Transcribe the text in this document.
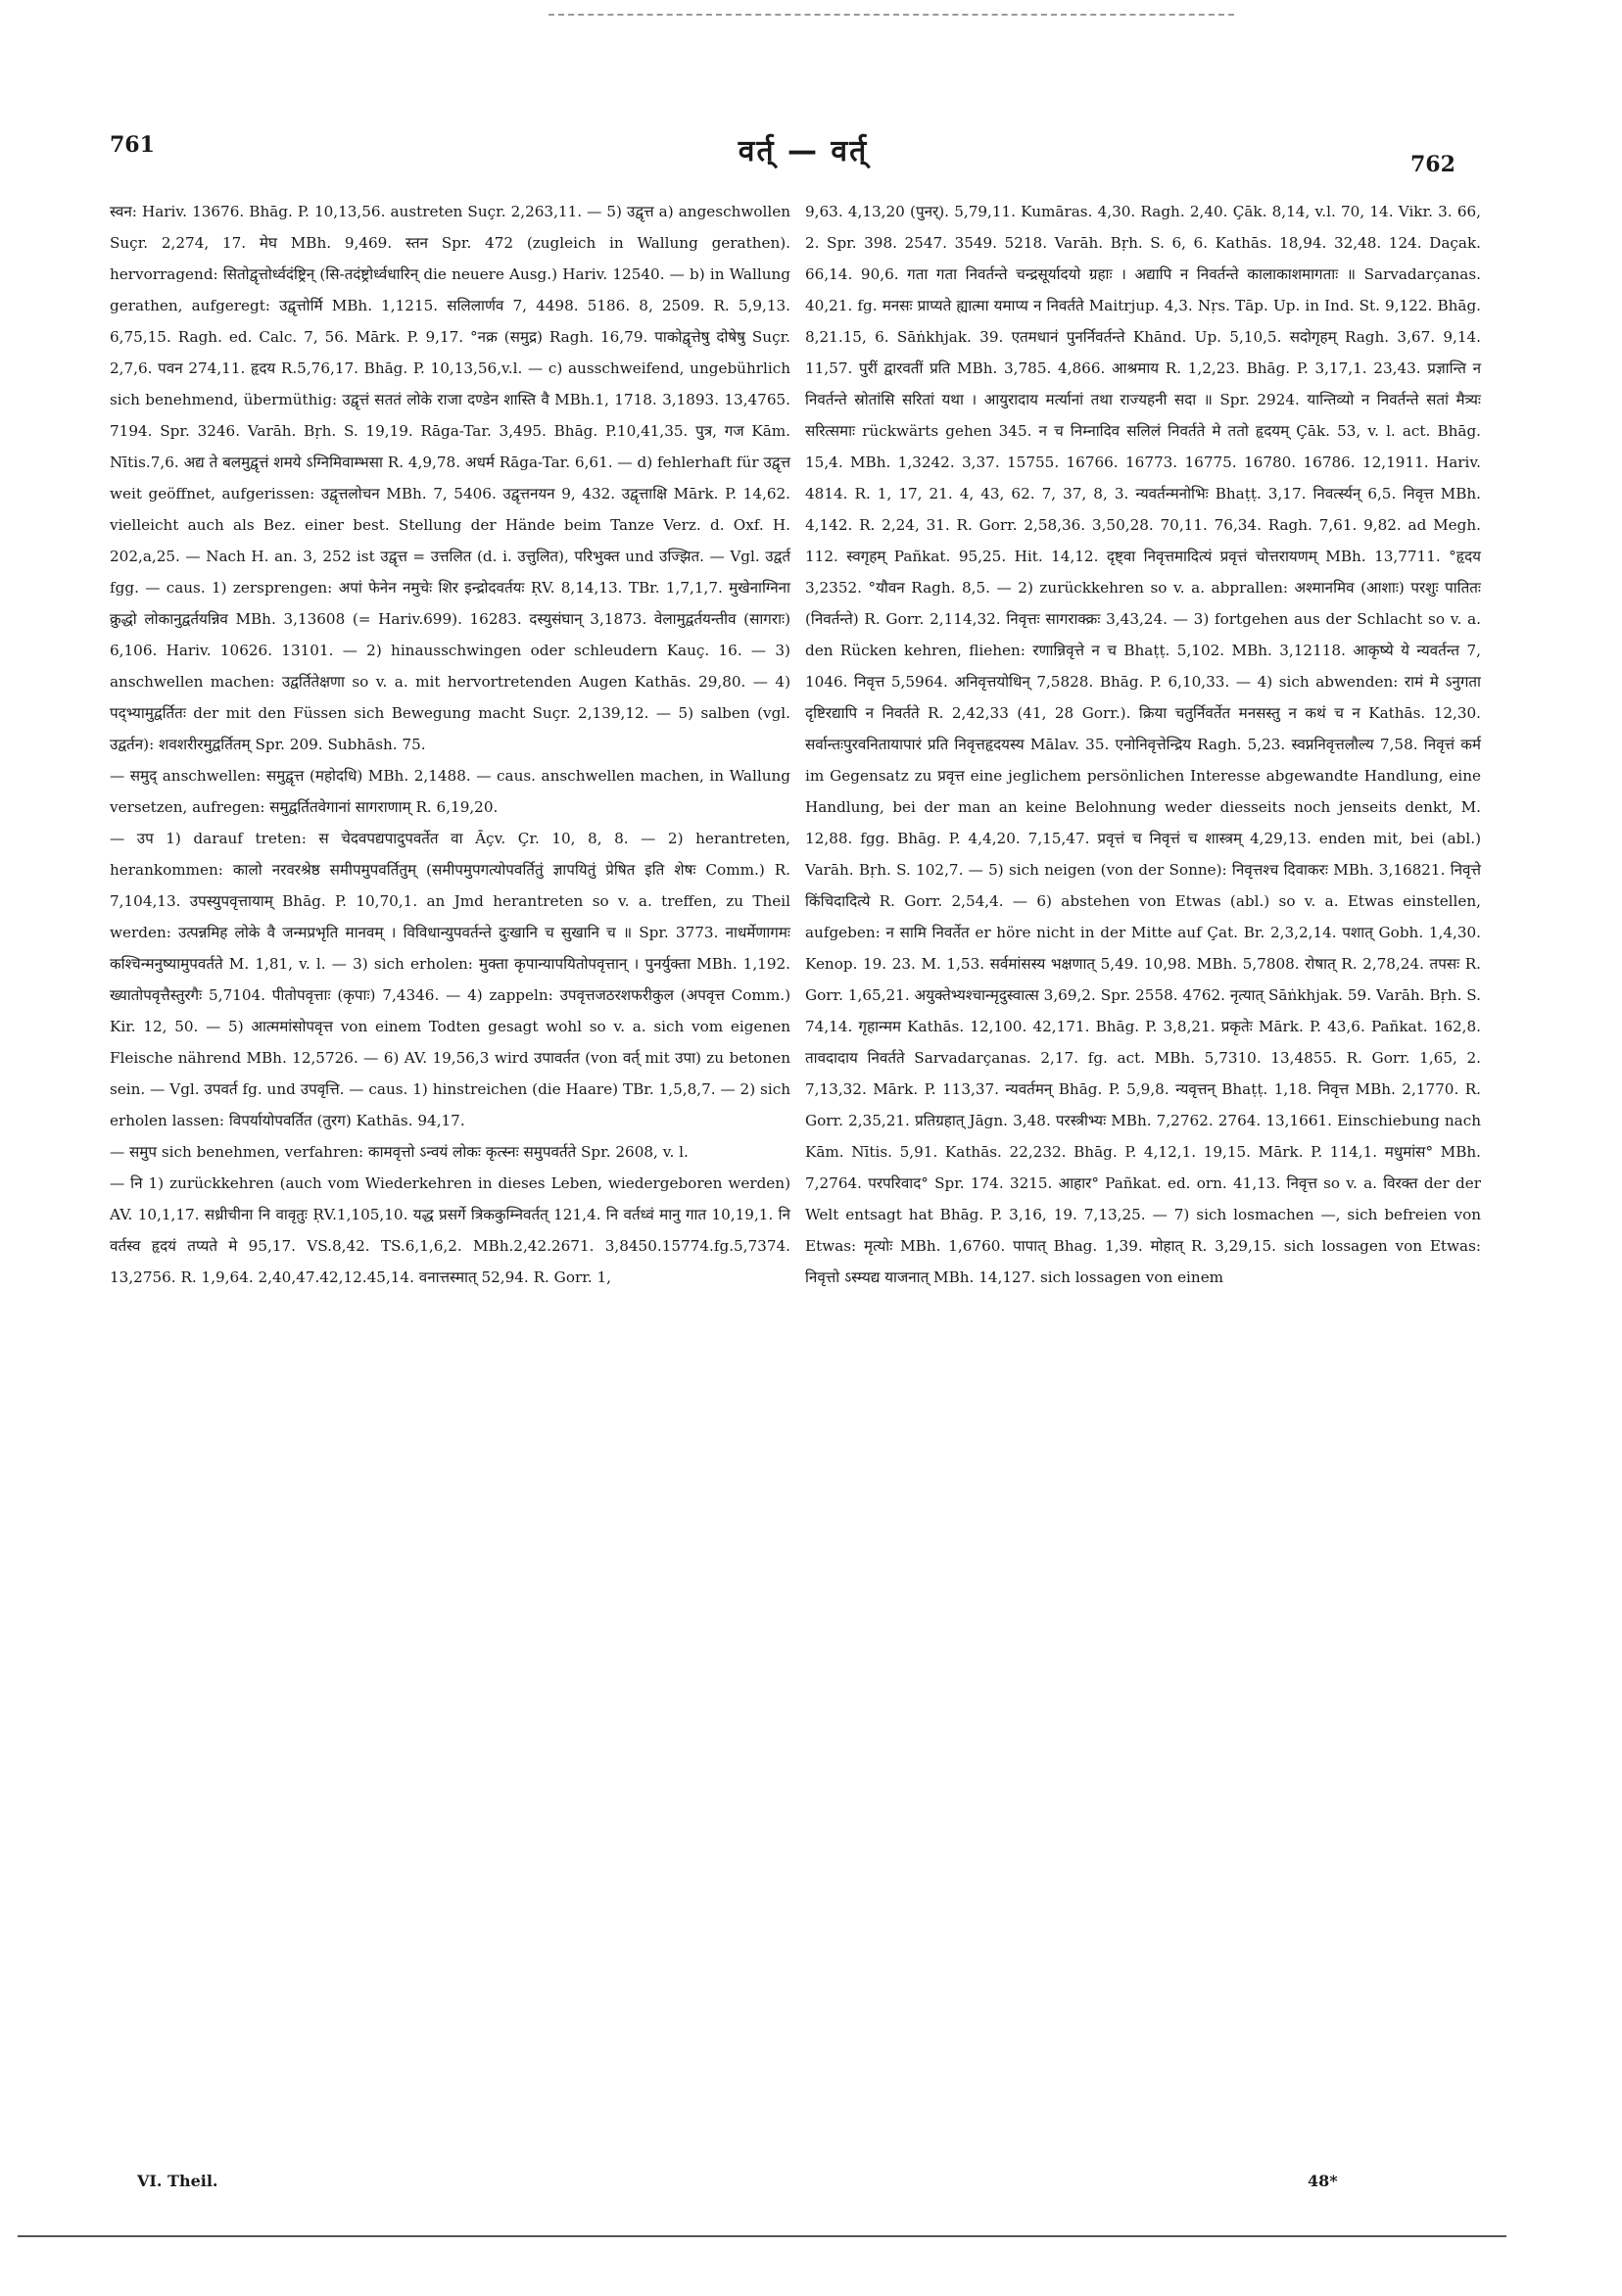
761	वर्त् — वर्त्	762

स्वन: Hariv. 13676. Bhāg. P. 10,13,56. austreten Suçr. 2,263,11. — 5) उद्वृत्त a) angeschwollen Suçr. 2,274, 17. मेघ MBh. 9,469. स्तन Spr. 472 (zugleich in Wallung gerathen). hervorragend: सितोद्वृत्तोर्ध्वदंष्ट्रिन् (सि-तदंष्ट्रोर्ध्वधारिन् die neuere Ausg.) Hariv. 12540. — b) in Wallung gerathen, aufgeregt: उद्वृत्तोर्मि MBh. 1,1215. सलिलार्णव 7, 4498. 5186. 8, 2509. R. 5,9,13. 6,75,15. Ragh. ed. Calc. 7, 56. Mārk. P. 9,17. °नक्र (समुद्र) Ragh. 16,79. पाकोद्वृत्तेषु दोषेषु Suçr. 2,7,6. पवन 274,11. हृदय R.5,76,17. Bhāg. P. 10,13,56,v.l. — c) ausschweifend, ungebührlich sich benehmend, übermüthig: उद्वृत्तं सततं लोके राजा दण्डेन शास्ति वै MBh.1, 1718. 3,1893. 13,4765. 7194. Spr. 3246. Varāh. Bṛh. S. 19,19. Rāga-Tar. 3,495. Bhāg. P.10,41,35. पुत्र, गज Kām. Nītis.7,6. अद्य ते बलमुद्वृत्तं शमये ऽग्निमिवाम्भसा R. 4,9,78. अधर्म Rāga-Tar. 6,61. — d) fehlerhaft für उद्वृत्त weit geöffnet, aufgerissen: उद्वृत्तलोचन MBh. 7, 5406. उद्वृत्तनयन 9, 432. उद्वृत्ताक्षि Mārk. P. 14,62. vielleicht auch als Bez. einer best. Stellung der Hände beim Tanze Verz. d. Oxf. H. 202,a,25. — Nach H. an. 3, 252 ist उद्वृत्त = उत्तलित (d. i. उत्तुलित), परिभुक्त und उज्झित. — Vgl. उद्वर्त fgg. — caus. 1) zersprengen: अपां फेनेन नमुचेः शिर इन्द्रोदवर्तयः ṚV. 8,14,13. TBr. 1,7,1,7. मुखेनाग्निना क्रुद्धो लोकानुद्वर्तयन्निव MBh. 3,13608 (= Hariv.699). 16283. दस्युसंघान् 3,1873. वेलामुद्वर्तयन्तीव (सागराः) 6,106. Hariv. 10626. 13101. — 2) hinausschwingen oder schleudern Kauç. 16. — 3) anschwellen machen: उद्वर्तितेक्षणा so v. a. mit hervortretenden Augen Kathās. 29,80. — 4) पद्भ्यामुद्वर्तितः der mit den Füssen sich Bewegung macht Suçr. 2,139,12. — 5) salben (vgl. उद्वर्तन): शवशरीरमुद्वर्तितम् Spr. 209. Subhāsh. 75.

— समुद् anschwellen: समुद्वृत्त (महोदधि) MBh. 2,1488. — caus. anschwellen machen, in Wallung versetzen, aufregen: समुद्वर्तितवेगानां सागराणाम् R. 6,19,20.

— उप 1) darauf treten: स चेदवपद्यपादुपवर्तेत वा Āçv. Çr. 10, 8, 8. — 2) herantreten, herankommen: कालो नरवरश्रेष्ठ समीपमुपवर्तितुम् (समीपमुपगत्योपवर्तितुं ज्ञापयितुं प्रेषित इति शेषः Comm.) R. 7,104,13. उपस्युपवृत्तायाम् Bhāg. P. 10,70,1. an Jmd herantreten so v. a. treffen, zu Theil werden: उत्पन्नमिह लोके वै जन्मप्रभृति मानवम् । विविधान्युपवर्तन्ते दुःखानि च सुखानि च ॥ Spr. 3773. नाधर्मेणागमः कश्चिन्मनुष्यामुपवर्तते M. 1,81, v. l. — 3) sich erholen: मुक्ता कृपान्यापयितोपवृत्तान् । पुनर्युक्ता MBh. 1,192. ख्यातोपवृत्तैस्तुरगैः 5,7104. पीतोपवृत्ताः (कृपाः) 7,4346. — 4) zappeln: उपवृत्तजठरशफरीकुल (अपवृत्त Comm.) Kir. 12, 50. — 5) आत्ममांसोपवृत्त von einem Todten gesagt wohl so v. a. sich vom eigenen Fleische nährend MBh. 12,5726. — 6) AV. 19,56,3 wird उपावर्तत (von वर्त् mit उपा) zu betonen sein. — Vgl. उपवर्त fg. und उपवृत्ति. — caus. 1) hinstreichen (die Haare) TBr. 1,5,8,7. — 2) sich erholen lassen: विपर्यायोपवर्तित (तुरग) Kathās. 94,17.

— समुप sich benehmen, verfahren: कामवृत्तो ऽन्वयं लोकः कृत्स्नः समुपवर्तते Spr. 2608, v. l.

— नि 1) zurückkehren (auch vom Wiederkehren in dieses Leben, wiedergeboren werden) AV. 10,1,17. सध्रीचीना नि वावृतुः ṚV.1,105,10. यद्ध प्रसर्गे त्रिककुम्निवर्तत् 121,4. नि वर्तध्वं मानु गात 10,19,1. नि वर्तस्व हृदयं तप्यते मे 95,17. VS.8,42. TS.6,1,6,2. MBh.2,42.2671. 3,8450.15774.fg.5,7374. 13,2756. R. 1,9,64. 2,40,47.42,12.45,14. वनात्तस्मात् 52,94. R. Gorr. 1,

9,63. 4,13,20 (पुनर्). 5,79,11. Kumāras. 4,30. Ragh. 2,40. Çāk. 8,14, v.l. 70, 14. Vikr. 3. 66, 2. Spr. 398. 2547. 3549. 5218. Varāh. Bṛh. S. 6, 6. Kathās. 18,94. 32,48. 124. Daçak. 66,14. 90,6. गता गता निवर्तन्ते चन्द्रसूर्यादयो ग्रहाः । अद्यापि न निवर्तन्ते कालाकाशमागताः ॥ Sarvadarçanas. 40,21. fg. मनसः प्राप्यते ह्यात्मा यमाप्य न निवर्तते Maitrjup. 4,3. Nṛs. Tāp. Up. in Ind. St. 9,122. Bhāg. 8,21.15, 6. Sāṅkhjak. 39. एतमधानं पुनर्निवर्तन्ते Khānd. Up. 5,10,5. सदोगृहम् Ragh. 3,67. 9,14. 11,57. पुरीं द्वारवतीं प्रति MBh. 3,785. 4,866. आश्रमाय R. 1,2,23. Bhāg. P. 3,17,1. 23,43. प्रज्ञान्ति न निवर्तन्ते स्रोतांसि सरितां यथा । आयुरादाय मर्त्यानां तथा राज्यहनी सदा ॥ Spr. 2924. यान्तिव्यो न निवर्तन्ते सतां मैत्र्यः सरित्समाः rückwärts gehen 345. न च निम्नादिव सलिलं निवर्तते मे ततो हृदयम् Çāk. 53, v. l. act. Bhāg. 15,4. MBh. 1,3242. 3,37. 15755. 16766. 16773. 16775. 16780. 16786. 12,1911. Hariv. 4814. R. 1, 17, 21. 4, 43, 62. 7, 37, 8, 3. न्यवर्तन्मनोभिः Bhaṭṭ. 3,17. निवर्त्स्यन् 6,5. निवृत्त MBh. 4,142. R. 2,24, 31. R. Gorr. 2,58,36. 3,50,28. 70,11. 76,34. Ragh. 7,61. 9,82. ad Megh. 112. स्वगृहम् Pañkat. 95,25. Hit. 14,12. दृष्ट्वा निवृत्तमादित्यं प्रवृत्तं चोत्तरायणम् MBh. 13,7711. °हृदय 3,2352. °यौवन Ragh. 8,5. — 2) zurückkehren so v. a. abprallen: अश्मानमिव (आशाः) परशुः पातितः (निवर्तन्ते) R. Gorr. 2,114,32. निवृत्तः सागराक्क्रः 3,43,24. — 3) fortgehen aus der Schlacht so v. a. den Rücken kehren, fliehen: रणान्निवृत्ते न च Bhaṭṭ. 5,102. MBh. 3,12118. आकृष्ये ये न्यवर्तन्त 7, 1046. निवृत्त 5,5964. अनिवृत्तयोधिन् 7,5828. Bhāg. P. 6,10,33. — 4) sich abwenden: रामं मे ऽनुगता दृष्टिरद्यापि न निवर्तते R. 2,42,33 (41, 28 Gorr.). क्रिया चतुर्निवर्तेत मनसस्तु न कथं च न Kathās. 12,30. सर्वान्तःपुरवनितायापारं प्रति निवृत्तहृदयस्य Mālav. 35. एनोनिवृत्तेन्द्रिय Ragh. 5,23. स्वप्ननिवृत्तलौल्य 7,58. निवृत्तं कर्म im Gegensatz zu प्रवृत्त eine jeglichem persönlichen Interesse abgewandte Handlung, eine Handlung, bei der man an keine Belohnung weder diesseits noch jenseits denkt, M. 12,88. fgg. Bhāg. P. 4,4,20. 7,15,47. प्रवृत्तं च निवृत्तं च शास्त्रम् 4,29,13. enden mit, bei (abl.) Varāh. Bṛh. S. 102,7. — 5) sich neigen (von der Sonne): निवृत्तश्च दिवाकरः MBh. 3,16821. निवृत्ते किंचिदादित्ये R. Gorr. 2,54,4. — 6) abstehen von Etwas (abl.) so v. a. Etwas einstellen, aufgeben: न सामि निवर्तेत er höre nicht in der Mitte auf Çat. Br. 2,3,2,14. पशात् Gobh. 1,4,30. Kenop. 19. 23. M. 1,53. सर्वमांसस्य भक्षणात् 5,49. 10,98. MBh. 5,7808. रोषात् R. 2,78,24. तपसः R. Gorr. 1,65,21. अयुक्तेभ्यश्चान्मृदुस्वात्स 3,69,2. Spr. 2558. 4762. नृत्यात् Sāṅkhjak. 59. Varāh. Bṛh. S. 74,14. गृहान्मम Kathās. 12,100. 42,171. Bhāg. P. 3,8,21. प्रकृतेः Mārk. P. 43,6. Pañkat. 162,8. तावदादाय निवर्तते Sarvadarçanas. 2,17. fg. act. MBh. 5,7310. 13,4855. R. Gorr. 1,65, 2. 7,13,32. Mārk. P. 113,37. न्यवर्तमन् Bhāg. P. 5,9,8. न्यवृत्तन् Bhaṭṭ. 1,18. निवृत्त MBh. 2,1770. R. Gorr. 2,35,21. प्रतिग्रहात् Jāgn. 3,48. परस्त्रीभ्यः MBh. 7,2762. 2764. 13,1661. Einschiebung nach Kām. Nītis. 5,91. Kathās. 22,232. Bhāg. P. 4,12,1. 19,15. Mārk. P. 114,1. मधुमांस° MBh. 7,2764. परपरिवाद° Spr. 174. 3215. आहार° Pañkat. ed. orn. 41,13. निवृत्त so v. a. विरक्त der der Welt entsagt hat Bhāg. P. 3,16, 19. 7,13,25. — 7) sich losmachen —, sich befreien von Etwas: मृत्योः MBh. 1,6760. पापात् Bhag. 1,39. मोहात् R. 3,29,15. sich lossagen von Etwas: निवृत्तो ऽस्म्यद्य याजनात् MBh. 14,127. sich lossagen von einem

VI. Theil.	48*
